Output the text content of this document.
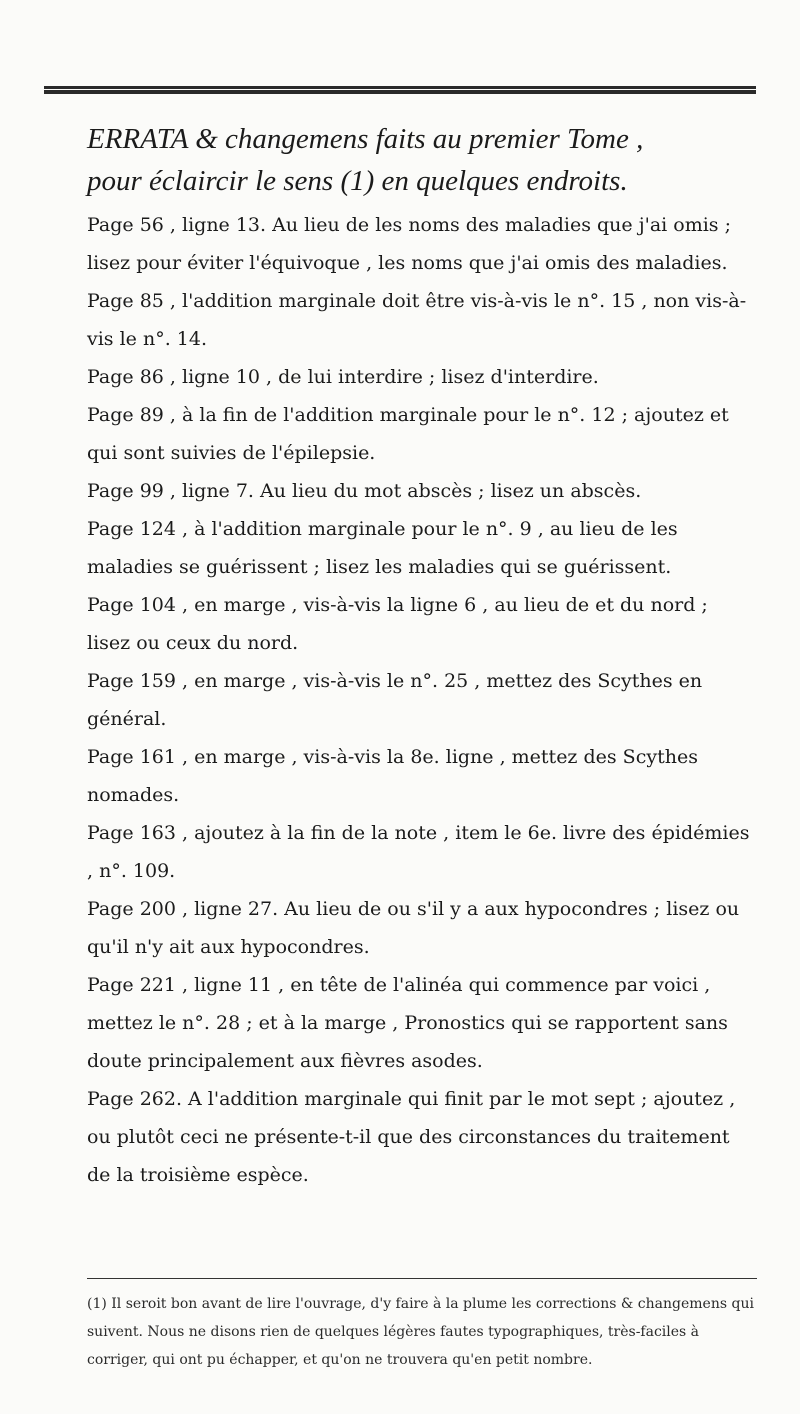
ERRATA & changemens faits au premier Tome ,
pour éclaircir le sens (1) en quelques endroits.
Page 56 , ligne 13. Au lieu de les noms des maladies que j'ai omis ; lisez pour éviter l'équivoque , les noms que j'ai omis des maladies.
Page 85 , l'addition marginale doit être vis-à-vis le n°. 15 , non vis-à-vis le n°. 14.
Page 86 , ligne 10 , de lui interdire ; lisez d'interdire.
Page 89 , à la fin de l'addition marginale pour le n°. 12 ; ajoutez et qui sont suivies de l'épilepsie.
Page 99 , ligne 7. Au lieu du mot abscès ; lisez un abscès.
Page 124 , à l'addition marginale pour le n°. 9 , au lieu de les maladies se guérissent ; lisez les maladies qui se guérissent.
Page 104 , en marge , vis-à-vis la ligne 6 , au lieu de et du nord ; lisez ou ceux du nord.
Page 159 , en marge , vis-à-vis le n°. 25 , mettez des Scythes en général.
Page 161 , en marge , vis-à-vis la 8e. ligne , mettez des Scythes nomades.
Page 163 , ajoutez à la fin de la note , item le 6e. livre des épidémies , n°. 109.
Page 200 , ligne 27. Au lieu de ou s'il y a aux hypocondres ; lisez ou qu'il n'y ait aux hypocondres.
Page 221 , ligne 11 , en tête de l'alinéa qui commence par voici , mettez le n°. 28 ; et à la marge , Pronostics qui se rapportent sans doute principalement aux fièvres asodes.
Page 262. A l'addition marginale qui finit par le mot sept ; ajoutez , ou plutôt ceci ne présente-t-il que des circonstances du traitement de la troisième espèce.
(1) Il seroit bon avant de lire l'ouvrage, d'y faire à la plume les corrections & changemens qui suivent. Nous ne disons rien de quelques légères fautes typographiques, très-faciles à corriger, qui ont pu échapper, et qu'on ne trouvera qu'en petit nombre.
